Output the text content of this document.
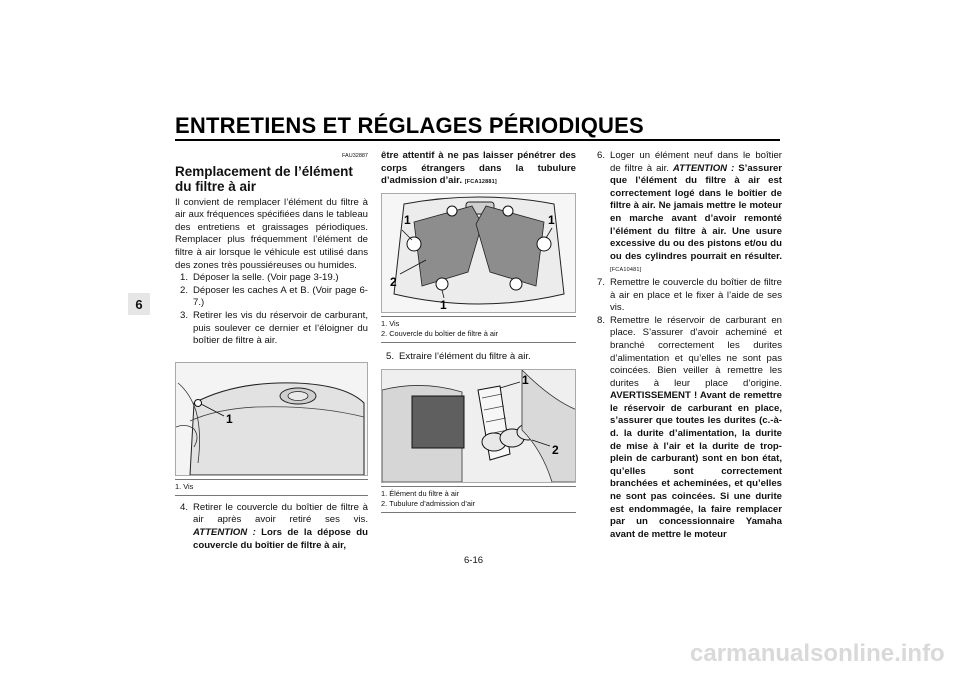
ENTRETIENS ET RÉGLAGES PÉRIODIQUES
6
FAU32887
Remplacement de l’élément du filtre à air

Il convient de remplacer l’élément du filtre à air aux fréquences spécifiées dans le tableau des entretiens et graissages périodiques. Remplacer plus fréquemment l’élément de filtre à air lorsque le véhicule est utilisé dans des zones très poussiéreuses ou humides.

1. Déposer la selle. (Voir page 3-19.)
2. Déposer les caches A et B. (Voir page 6-7.)
3. Retirer les vis du réservoir de carburant, puis soulever ce dernier et l’éloigner du boîtier de filtre à air.
1
1. Vis
4. Retirer le couvercle du boîtier de filtre à air après avoir retiré ses vis. ATTENTION : Lors de la dépose du couvercle du boîtier de filtre à air,

être attentif à ne pas laisser pénétrer des corps étrangers dans la tubulure d’admission d’air. [FCA12881]

1	1
2
1
1. Vis
2. Couvercle du boîtier de filtre à air
5. Extraire l’élément du filtre à air.
1
2
1. Élément du filtre à air
2. Tubulure d’admission d’air
6. Loger un élément neuf dans le boîtier de filtre à air. ATTENTION : S’assurer que l’élément du filtre à air est correctement logé dans le boîtier de filtre à air. Ne jamais mettre le moteur en marche avant d’avoir remonté l’élément du filtre à air. Une usure excessive du ou des pistons et/ou du ou des cylindres pourrait en résulter. [FCA10481]
7. Remettre le couvercle du boîtier de filtre à air en place et le fixer à l’aide de ses vis.
8. Remettre le réservoir de carburant en place. S’assurer d’avoir acheminé et branché correctement les durites d’alimentation et qu’elles ne sont pas coincées. Bien veiller à remettre les durites à leur place d’origine. AVERTISSEMENT ! Avant de remettre le réservoir de carburant en place, s’assurer que toutes les durites (c.-à-d. la durite d’alimentation, la durite de mise à l’air et la durite de trop-plein de carburant) sont en bon état, qu’elles sont correctement branchées et acheminées, et qu’elles ne sont pas coincées. Si une durite est endommagée, la faire remplacer par un concessionnaire Yamaha avant de mettre le moteur
6-16
carmanualsonline.info
